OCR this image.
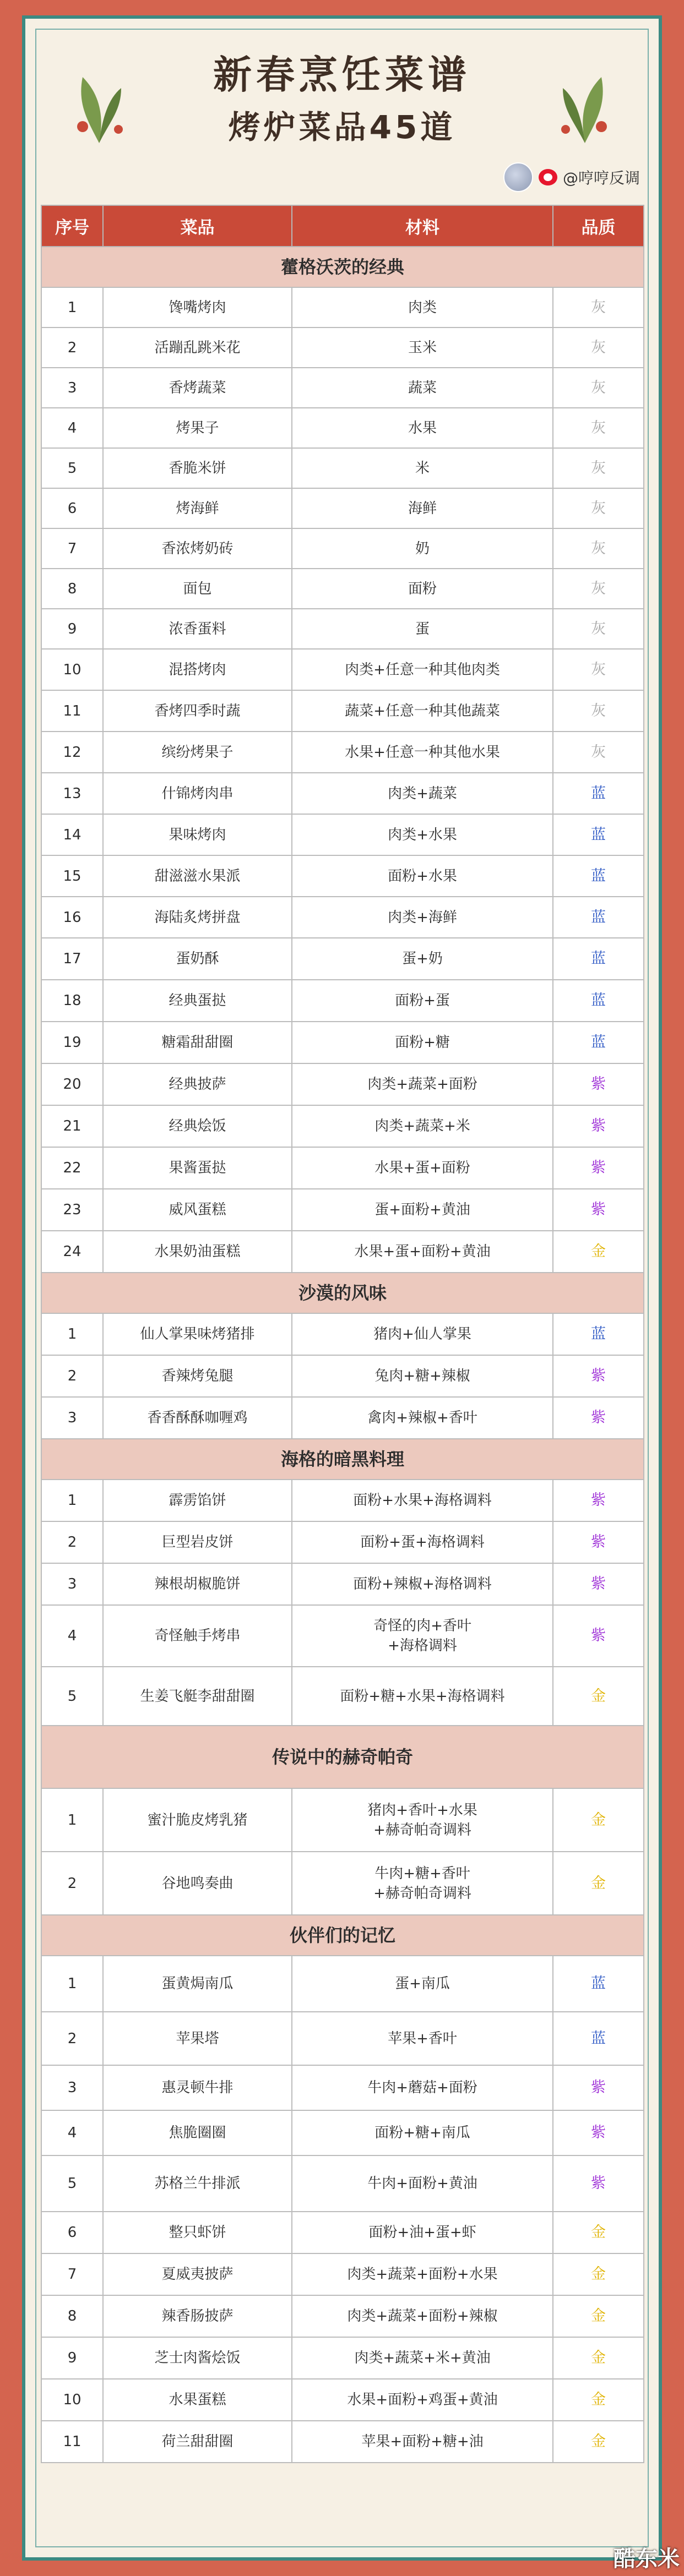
新春烹饪菜谱
烤炉菜品45道
@哼哼反调
序号	菜品	材料	品质
藿格沃茨的经典			
1	馋嘴烤肉	肉类	灰
2	活蹦乱跳米花	玉米	灰
3	香烤蔬菜	蔬菜	灰
4	烤果子	水果	灰
5	香脆米饼	米	灰
6	烤海鲜	海鲜	灰
7	香浓烤奶砖	奶	灰
8	面包	面粉	灰
9	浓香蛋料	蛋	灰
10	混搭烤肉	肉类+任意一种其他肉类	灰
11	香烤四季时蔬	蔬菜+任意一种其他蔬菜	灰
12	缤纷烤果子	水果+任意一种其他水果	灰
13	什锦烤肉串	肉类+蔬菜	蓝
14	果味烤肉	肉类+水果	蓝
15	甜滋滋水果派	面粉+水果	蓝
16	海陆炙烤拼盘	肉类+海鲜	蓝
17	蛋奶酥	蛋+奶	蓝
18	经典蛋挞	面粉+蛋	蓝
19	糖霜甜甜圈	面粉+糖	蓝
20	经典披萨	肉类+蔬菜+面粉	紫
21	经典烩饭	肉类+蔬菜+米	紫
22	果酱蛋挞	水果+蛋+面粉	紫
23	威风蛋糕	蛋+面粉+黄油	紫
24	水果奶油蛋糕	水果+蛋+面粉+黄油	金
沙漠的风味			
1	仙人掌果味烤猪排	猪肉+仙人掌果	蓝
2	香辣烤兔腿	兔肉+糖+辣椒	紫
3	香香酥酥咖喱鸡	禽肉+辣椒+香叶	紫
海格的暗黑料理			
1	霹雳馅饼	面粉+水果+海格调料	紫
2	巨型岩皮饼	面粉+蛋+海格调料	紫
3	辣根胡椒脆饼	面粉+辣椒+海格调料	紫
4	奇怪触手烤串	奇怪的肉+香叶
+海格调料	紫
5	生姜飞艇李甜甜圈	面粉+糖+水果+海格调料	金
传说中的赫奇帕奇			
1	蜜汁脆皮烤乳猪	猪肉+香叶+水果
+赫奇帕奇调料	金
2	谷地鸣奏曲	牛肉+糖+香叶
+赫奇帕奇调料	金
伙伴们的记忆			
1	蛋黄焗南瓜	蛋+南瓜	蓝
2	苹果塔	苹果+香叶	蓝
3	惠灵顿牛排	牛肉+蘑菇+面粉	紫
4	焦脆圈圈	面粉+糖+南瓜	紫
5	苏格兰牛排派	牛肉+面粉+黄油	紫
6	整只虾饼	面粉+油+蛋+虾	金
7	夏威夷披萨	肉类+蔬菜+面粉+水果	金
8	辣香肠披萨	肉类+蔬菜+面粉+辣椒	金
9	芝士肉酱烩饭	肉类+蔬菜+米+黄油	金
10	水果蛋糕	水果+面粉+鸡蛋+黄油	金
11	荷兰甜甜圈	苹果+面粉+糖+油	金
酷东米
